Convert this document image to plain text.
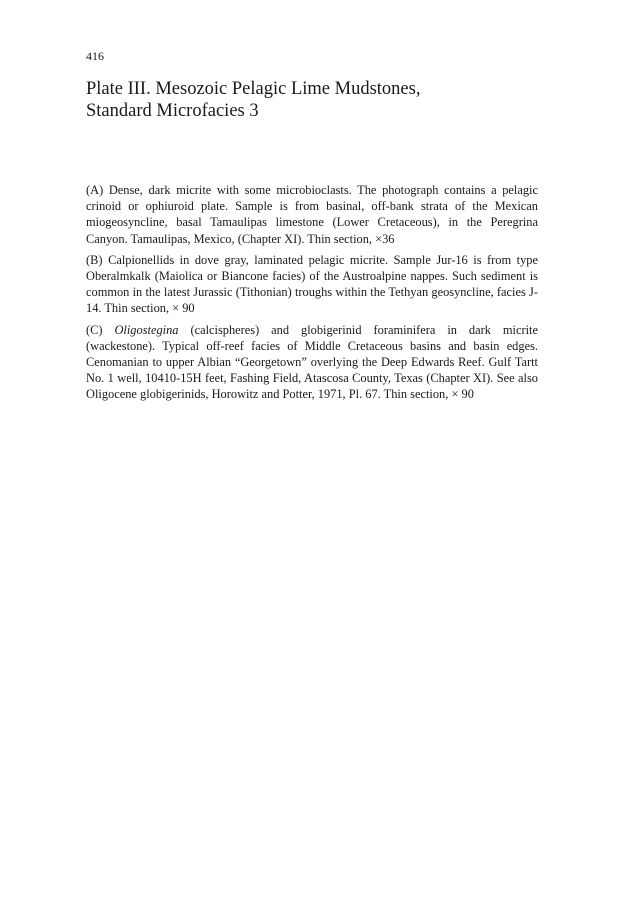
416
Plate III. Mesozoic Pelagic Lime Mudstones,
Standard Microfacies 3

(A) Dense, dark micrite with some microbioclasts. The photograph contains a pelagic crinoid or ophiuroid plate. Sample is from basinal, off-bank strata of the Mexican miogeosyncline, basal Tamaulipas limestone (Lower Cretaceous), in the Peregrina Canyon. Tamaulipas, Mexico, (Chapter XI). Thin section, ×36

(B) Calpionellids in dove gray, laminated pelagic micrite. Sample Jur-16 is from type Oberalmkalk (Maiolica or Biancone facies) of the Austroalpine nappes. Such sediment is common in the latest Jurassic (Tithonian) troughs within the Tethyan geosyncline, facies J-14. Thin section, × 90

(C) Oligostegina (calcispheres) and globigerinid foraminifera in dark micrite (wackestone). Typical off-reef facies of Middle Cretaceous basins and basin edges. Cenomanian to upper Albian “Georgetown” overlying the Deep Edwards Reef. Gulf Tartt No. 1 well, 10410-15H feet, Fashing Field, Atascosa County, Texas (Chapter XI). See also Oligocene globigerinids, Horowitz and Potter, 1971, Pl. 67. Thin section, × 90
